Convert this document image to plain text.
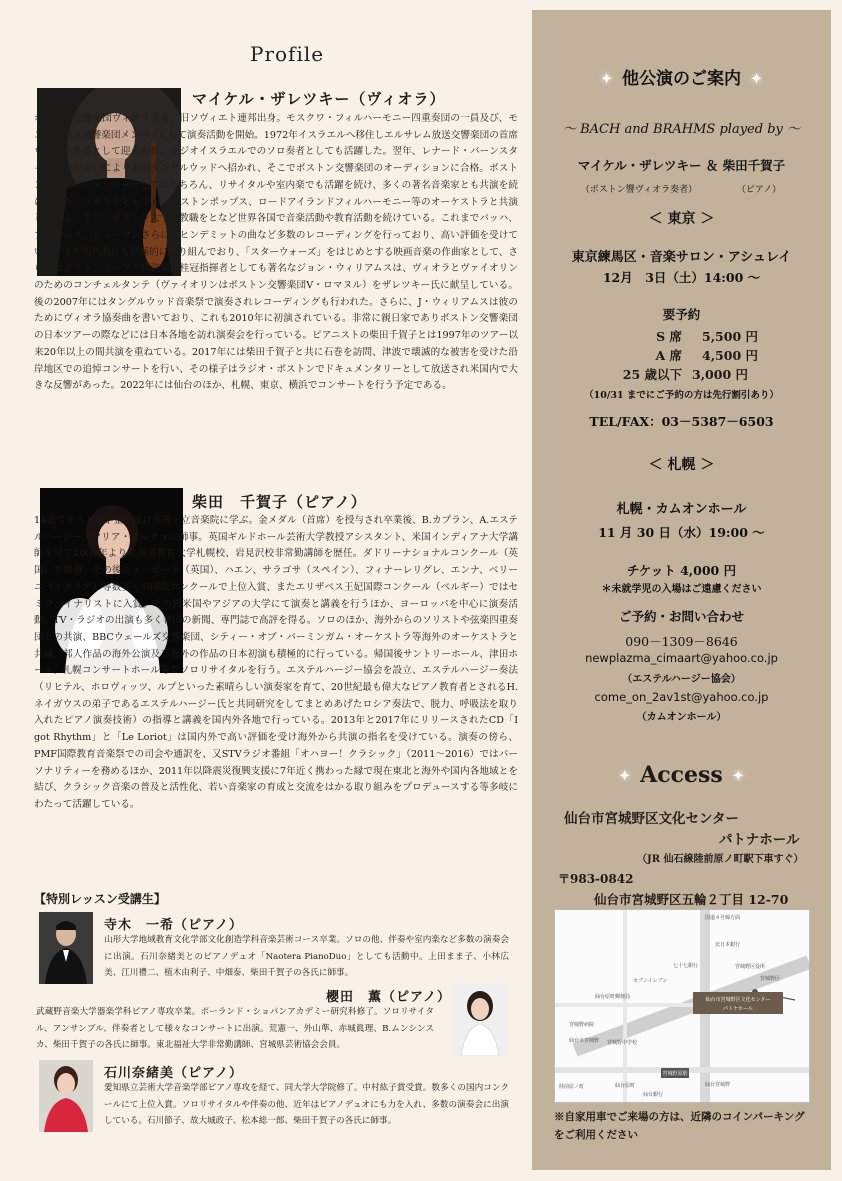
Profile
マイケル・ザレツキー（ヴィオラ）

ボストン交響楽団ヴィオラ奏者。旧ソヴィエト連邦出身。モスクワ・フィルハーモニー四重奏団の一員及び、モスクワ放送交響楽団メンバーとして演奏活動を開始。1972年イスラエルへ移住しエルサレム放送交響楽団の首席ヴィオラ奏者として迎えられ、ラジオイスラエルでのソロ奏者としても活躍した。翌年、レナード・バーンスタインとの出会いにより米国タングルウッドへ招かれ、そこでボストン交響楽団のオーディションに合格。ボストン交響楽団のメンバーとしてはもちろん、リサイタルや室内楽でも活躍を続け、多くの著名音楽家とも共演を続けてきた。ソリストとしても、ボストンポップス、ロードアイランドフィルハーモニー等のオーケストラと共演している。また、ボストン大学で教職をとなど世界各国で音楽活動や教育活動を続けている。これまでバッハ、ブラームス、シューマンさらにはヒンデミットの曲など多数のレコーディングを行っており、高い評価を受けている。また現代曲にも積極的に取り組んでおり、「スターウォーズ」をはじめとする映画音楽の作曲家として、さらにはボストンポップス管弦楽団桂冠指揮者としても著名なジョン・ウィリアムスは、ヴィオラとヴァイオリンのためのコンチェルタンテ（ヴァイオリンはボストン交響楽団V・ロマヌル）をザレツキー氏に献呈している。後の2007年にはタングルウッド音楽祭で演奏されレコーディングも行われた。さらに、J・ウィリアムスは彼のためにヴィオラ協奏曲を書いており、これも2010年に初演されている。非常に親日家でありボストン交響楽団の日本ツアーの際などには日本各地を訪れ演奏会を行っている。ピアニストの柴田千賀子とは1997年のツアー以来20年以上の間共演を重ねている。2017年には柴田千賀子と共に石巻を訪問、津波で壊滅的な被害を受けた沿岸地区での追悼コンサートを行い、その様子はラジオ・ボストンでドキュメンタリーとして放送され米国内で大きな反響があった。2022年には仙台のほか、札幌、東京、横浜でコンサートを行う予定である。

柴田　千賀子（ピアノ）

14歳でリスト奨学金を受け英国王立音楽院に学ぶ。金メダル（首席）を授与され卒業後、B.カプラン、A.エステルハージー、マリア・クルチョに師事。英国ギルドホール芸術大学教授アシスタント、米国インディアナ大学講師を経て2000年より北海道教育大学札幌校、岩見沢校非常勤講師を歴任。ダドリーナショナルコンクール（英国）で優勝、その後ニューポート（英国）、ハエン、サラゴサ（スペイン）、フィナーレリグレ、エンナ、ベリーニ（イタリア）等数多くの国際コンクールで上位入賞、またエリザベス王妃国際コンクール（ベルギー）ではセミファイナリストに入賞。その間米国やアジアの大学にて演奏と講義を行うほか、ヨーロッパを中心に演奏活動、TV・ラジオの出演も多く各国の新聞、専門誌で高評を得る。ソロのほか、海外からのソリストや弦楽四重奏団との共演、BBCウェールズ交響楽団、シティー・オブ・バーミンガム・オーケストラ等海外のオーケストラと共演、邦人作品の海外公演及び海外の作品の日本初演も積極的に行っている。帰国後サントリーホール、津田ホール、札幌コンサートホール等でソロリサイタルを行う。エステルハージー協会を設立、エステルハージー奏法（リヒテル、ホロヴィッツ、ルプといった素晴らしい演奏家を育て、20世紀最も偉大なピアノ教育者とされるH.ネイガウスの弟子であるエステルハージー氏と共同研究をしてまとめあげたロシア奏法で、脱力、呼吸法を取り入れたピアノ演奏技術）の指導と講義を国内外各地で行っている。2013年と2017年にリリースされたCD「I got Rhythm」と「Le Loriot」は国内外で高い評価を受け海外から共演の指名を受けている。演奏の傍ら、PMF国際教育音楽祭での司会や通訳を、又STVラジオ番組「オハヨー！クラシック」（2011～2016）ではパーソナリティーを務めるほか、2011年以降震災復興支援に7年近く携わった縁で現在東北と海外や国内各地域とを結び、クラシック音楽の普及と活性化、若い音楽家の育成と交流をはかる取り組みをプロデュースする等多岐にわたって活躍している。

【特別レッスン受講生】
寺木　一希（ピアノ）

山形大学地域教育文化学部文化創造学科音楽芸術コース卒業。ソロの他、伴奏や室内楽など多数の演奏会に出演。石川奈緒美とのピアノデュオ「Naotera PianoDuo」としても活動中。上田まま子、小林広美、江川禮二、植木由利子、中畑泰、柴田千賀子の各氏に師事。

櫻田　薫（ピアノ）

武蔵野音楽大学器楽学科ピアノ専攻卒業。ポーランド・ショパンアカデミー研究科修了。ソロリサイタル、アンサンブル、伴奏者として様々なコンサートに出演。荒憲一、外山準、赤城眞理、B.ムンシンスカ、柴田千賀子の各氏に師事。東北福祉大学非常勤講師、宮城県芸術協会会員。

石川奈緒美（ピアノ）

愛知県立芸術大学音楽学部ピアノ専攻を経て、同大学大学院修了。中村紘子賞受賞。数多くの国内コンクールにて上位入賞。ソロリサイタルや伴奏の他、近年はピアノデュオにも力を入れ、多数の演奏会に出演している。石川節子、故大城政子、松本総一郎、柴田千賀子の各氏に師事。

✦ 他公演のご案内 ✦
～ BACH and BRAHMS played by ～
マイケル・ザレツキー ＆ 柴田千賀子
（ボストン響ヴィオラ奏者）	（ピアノ）
＜ 東京 ＞
東京練馬区・音楽サロン・アシュレイ
12月　3日（土）14:00 ～
要予約
S 席 5,500 円
A 席 4,500 円
25 歳以下 3,000 円
（10/31 までにご予約の方は先行割引あり）
TEL/FAX：03－5387－6503
＜ 札幌 ＞
札幌・カムオンホール
11 月 30 日（水）19:00 ～
チケット 4,000 円
＊未就学児の入場はご遠慮ください
ご予約・お問い合わせ
090－1309－8646
newplazma_cimaart@yahoo.co.jp
（エステルハージー協会）
come_on_2av1st@yahoo.co.jp
（カムオンホール）
✦ Access ✦
仙台市宮城野区文化センター
パトナホール
（JR 仙石線陸前原ノ町駅下車すぐ）
〒983-0842
仙台市宮城野区五輪２丁目 12-70
仙台市宮城野区文化センター
パトナホール
宮城野原駅
国道４号線方面
北日本銀行
七十七銀行
セブンイレブン
仙台原町郵便局
宮城野区役所
宮城野区
宮城野病院
仙台市宮城野 宮城野中学校
陸前原ノ町	仙台原町
仙台銀行
仙台宮城野
※自家用車でご来場の方は、近隣のコインパーキングをご利用ください
